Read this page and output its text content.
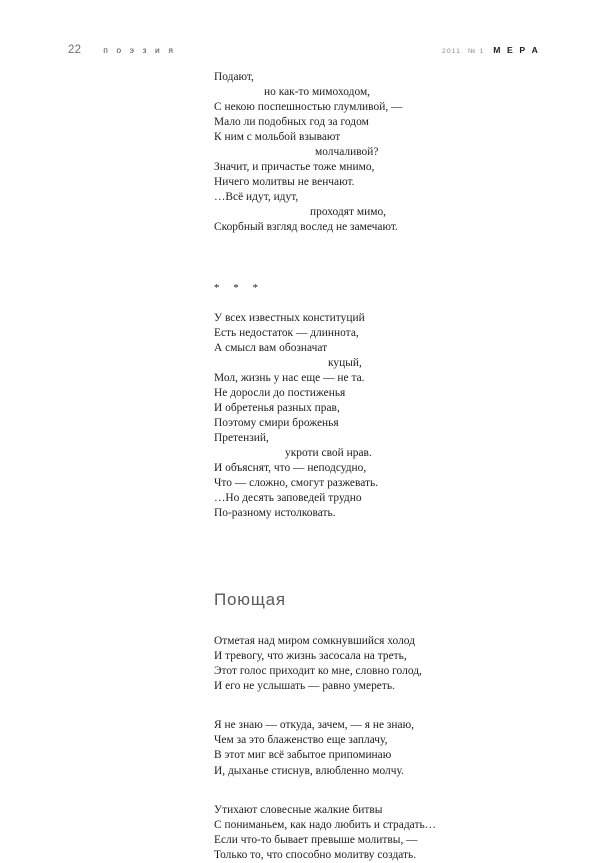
22	п о э з и я	2011 № 1 М Е Р А
Подают,
но как-то мимоходом,
С некою поспешностью глумливой, —
Мало ли подобных год за годом
К ним с мольбой взывают
молчаливой?
Значит, и причастье тоже мнимо,
Ничего молитвы не венчают.
…Всё идут, идут,
проходят мимо,
Скорбный взгляд вослед не замечают.
* * *
У всех известных конституций
Есть недостаток — длиннота,
А смысл вам обозначат
куцый,
Мол, жизнь у нас еще — не та.
Не доросли до постиженья
И обретенья разных прав,
Поэтому смири броженья
Претензий,
укроти свой нрав.
И объяснят, что — неподсудно,
Что — сложно, смогут разжевать.
…Но десять заповедей трудно
По-разному истолковать.
Поющая
Отметая над миром сомкнувшийся холод
И тревогу, что жизнь засосала на треть,
Этот голос приходит ко мне, словно голод,
И его не услышать — равно умереть.
Я не знаю — откуда, зачем, — я не знаю,
Чем за это блаженство еще заплачу,
В этот миг всё забытое припоминаю
И, дыханье стиснув, влюбленно молчу.
Утихают словесные жалкие битвы
С пониманьем, как надо любить и страдать…
Если что-то бывает превыше молитвы, —
Только то, что способно молитву создать.
